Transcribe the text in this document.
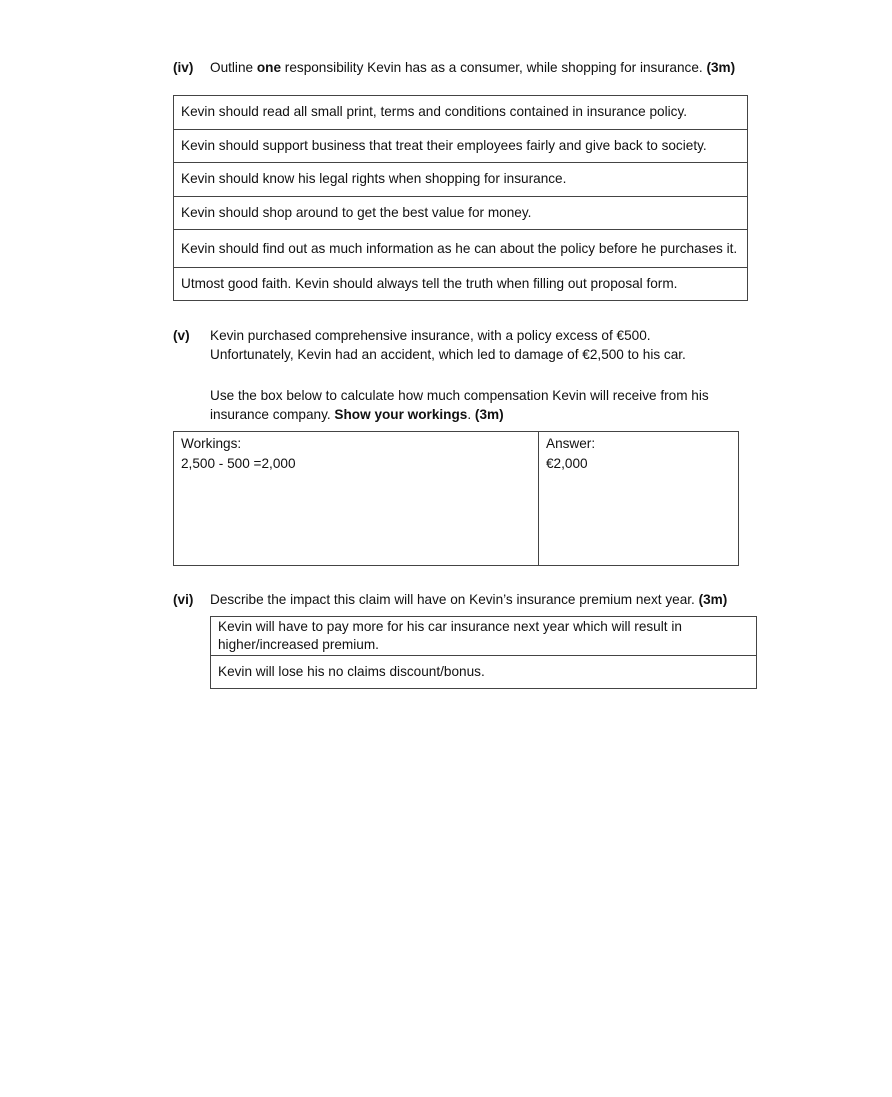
(iv) Outline one responsibility Kevin has as a consumer, while shopping for insurance. (3m)
Kevin should read all small print, terms and conditions contained in insurance policy.
Kevin should support business that treat their employees fairly and give back to society.
Kevin should know his legal rights when shopping for insurance.
Kevin should shop around to get the best value for money.
Kevin should find out as much information as he can about the policy before he purchases it.
Utmost good faith. Kevin should always tell the truth when filling out proposal form.
(v) Kevin purchased comprehensive insurance, with a policy excess of €500.
Unfortunately, Kevin had an accident, which led to damage of €2,500 to his car.
Use the box below to calculate how much compensation Kevin will receive from his
insurance company. Show your workings. (3m)
Workings:
2,500 - 500 =2,000
Answer:
€2,000
(vi) Describe the impact this claim will have on Kevin’s insurance premium next year. (3m)
Kevin will have to pay more for his car insurance next year which will result in higher/increased premium.
Kevin will lose his no claims discount/bonus.
